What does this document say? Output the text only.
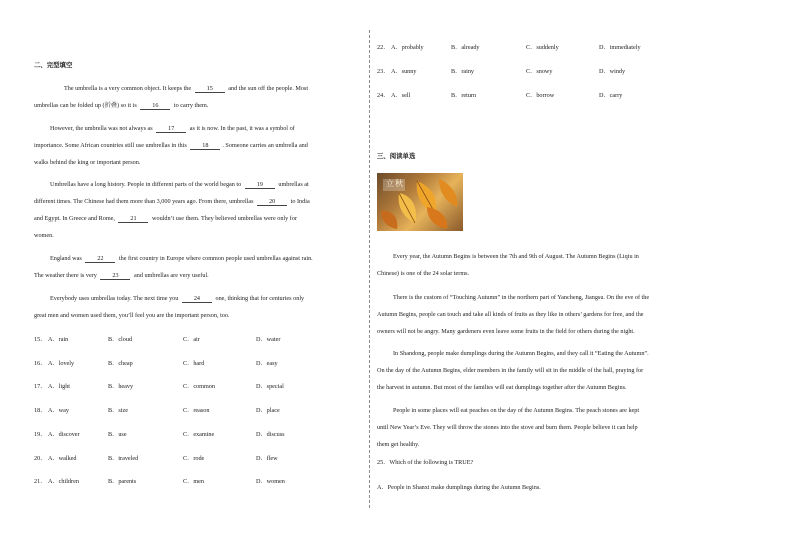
二、完型填空
The umbrella is a very common object. It keeps the 15 and the sun off the people. Most
umbrellas can be folded up (折叠) so it is 16 to carry them.
However, the umbrella was not always as 17 as it is now. In the past, it was a symbol of
importance. Some African countries still use umbrellas in this 18 . Someone carries an umbrella and
walks behind the king or important person.
Umbrellas have a long history. People in different parts of the world began to 19 umbrellas at
different times. The Chinese had them more than 3,000 years ago. From there, umbrellas 20 to India
and Egypt. In Greece and Rome, 21 wouldn’t use them. They believed umbrellas were only for
women.
England was 22 the first country in Europe where common people used umbrellas against rain.
The weather there is very 23 and umbrellas are very useful.
Everybody uses umbrellas today. The next time you 24 one, thinking that for centuries only
great men and women used them, you’ll feel you are the important person, too.
15． A．rain	B．cloud	C．air	D．water
16． A．lovely	B．cheap	C．hard	D．easy
17． A．light	B．heavy	C．common	D．special
18． A．way	B．size	C．reason	D．place
19． A．discover	B．use	C．examine	D．discuss
20． A．walked	B．traveled	C．rode	D．flew
21． A．children	B．parents	C．men	D．women
22． A．probably	B．already	C．suddenly	D．immediately
23． A．sunny	B．rainy	C．snowy	D．windy
24． A．sell	B．return	C．borrow	D．carry
三、阅读单选
立秋
Every year, the Autumn Begins is between the 7th and 9th of August. The Autumn Begins (Liqiu in
Chinese) is one of the 24 solar terms.
There is the custom of “Touching Autumn” in the northern part of Yancheng, Jiangsu. On the eve of the
Autumn Begins, people can touch and take all kinds of fruits as they like in others’ gardens for free, and the
owners will not be angry. Many gardeners even leave some fruits in the field for others during the night.
In Shandong, people make dumplings during the Autumn Begins, and they call it “Eating the Autumn”.
On the day of the Autumn Begins, elder members in the family will sit in the middle of the hall, praying for
the harvest in autumn. But most of the families will eat dumplings together after the Autumn Begins.
People in some places will eat peaches on the day of the Autumn Begins. The peach stones are kept
until New Year’s Eve. They will throw the stones into the stove and burn them. People believe it can help
them get healthy.
25．Which of the following is TRUE?
A．People in Shanxi make dumplings during the Autumn Begins.
